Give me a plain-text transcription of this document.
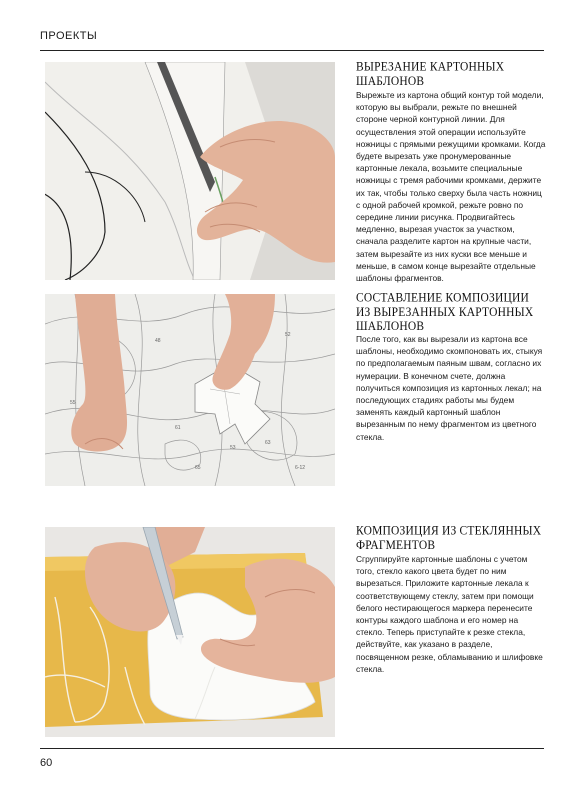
ПРОЕКТЫ
ВЫРЕЗАНИЕ КАРТОННЫХ ШАБЛОНОВ

Вырежьте из картона общий контур той модели, которую вы выбрали, режьте по внешней стороне черной контурной линии. Для осуществления этой операции используйте ножницы с прямыми режущими кромками. Когда будете вырезать уже пронумерованные картонные лекала, возьмите специальные ножницы с тремя рабочими кромками, держите их так, чтобы только сверху была часть ножниц с одной рабочей кромкой, режьте ровно по середине линии рисунка. Продвигайтесь медленно, вырезая участок за участком, сначала разделите картон на крупные части, затем вырезайте из них куски все меньше и меньше, в самом конце вырезайте отдельные шаблоны фрагментов.

48
52
55
61
63
65	6-12
53
СОСТАВЛЕНИЕ КОМПОЗИЦИИ ИЗ ВЫРЕЗАННЫХ КАРТОННЫХ ШАБЛОНОВ

После того, как вы вырезали из картона все шаблоны, необходимо скомпоновать их, стыкуя по предполагаемым паяным швам, согласно их нумерации. В конечном счете, должна получиться композиция из картонных лекал; на последующих стадиях работы мы будем заменять каждый картонный шаблон вырезанным по нему фрагментом из цветного стекла.

КОМПОЗИЦИЯ ИЗ СТЕКЛЯННЫХ ФРАГМЕНТОВ

Сгруппируйте картонные шаблоны с учетом того, стекло какого цвета будет по ним вырезаться. Приложите картонные лекала к соответствующему стеклу, затем при помощи белого нестирающегося маркера перенесите контуры каждого шаблона и его номер на стекло. Теперь приступайте к резке стекла, действуйте, как указано в разделе, посвященном резке, обламыванию и шлифовке стекла.

60
